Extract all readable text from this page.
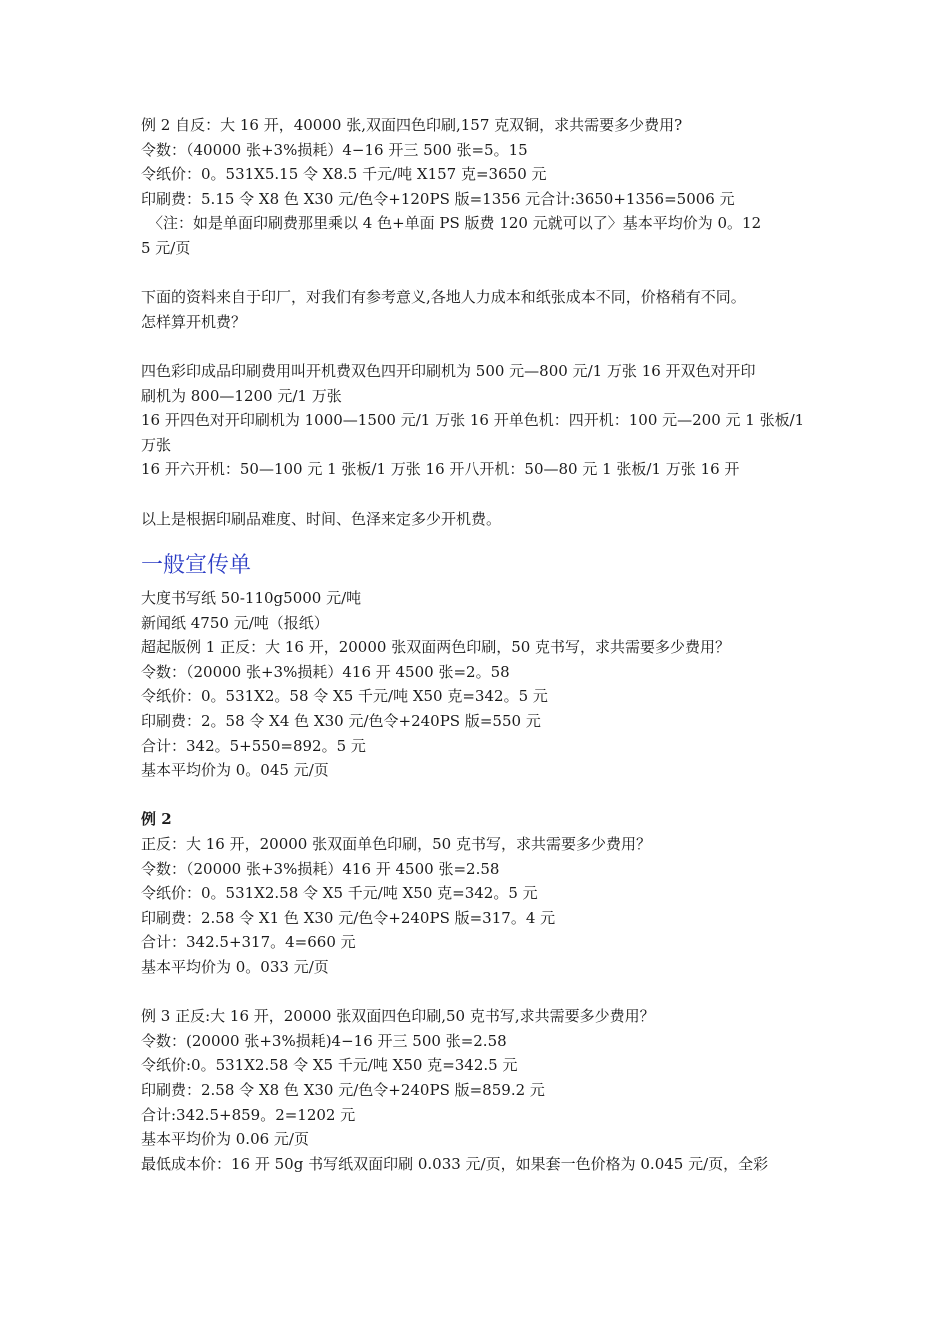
例 2 自反：大 16 开，40000 张,双面四色印刷,157 克双铜，求共需要多少费用?
令数：（40000 张+3%损耗）4−16 开三 500 张=5。15
令纸价：0。531X5.15 令 X8.5 千元/吨 X157 克=3650 元
印刷费：5.15 令 X8 色 X30 元/色令+120PS 版=1356 元合计:3650+1356=5006 元
〈注：如是单面印刷费那里乘以 4 色+单面 PS 版费 120 元就可以了〉基本平均价为 0。12
5 元/页
下面的资料来自于印厂，对我们有参考意义,各地人力成本和纸张成本不同，价格稍有不同。
怎样算开机费？
四色彩印成品印刷费用叫开机费双色四开印刷机为 500 元—800 元/1 万张 16 开双色对开印
刷机为 800—1200 元/1 万张
16 开四色对开印刷机为 1000—1500 元/1 万张 16 开单色机：四开机：100 元—200 元 1 张板/1
万张
16 开六开机：50—100 元 1 张板/1 万张 16 开八开机：50—80 元 1 张板/1 万张 16 开
以上是根据印刷品难度、时间、色泽来定多少开机费。
一般宣传单
大度书写纸 50-110g5000 元/吨
新闻纸 4750 元/吨（报纸）
超起版例 1 正反：大 16 开，20000 张双面两色印刷，50 克书写，求共需要多少费用？
令数：（20000 张+3%损耗）416 开 4500 张=2。58
令纸价：0。531X2。58 令 X5 千元/吨 X50 克=342。5 元
印刷费：2。58 令 X4 色 X30 元/色令+240PS 版=550 元
合计：342。5+550=892。5 元
基本平均价为 0。045 元/页
例 2
正反：大 16 开，20000 张双面单色印刷，50 克书写，求共需要多少费用？
令数：（20000 张+3%损耗）416 开 4500 张=2.58
令纸价：0。531X2.58 令 X5 千元/吨 X50 克=342。5 元
印刷费：2.58 令 X1 色 X30 元/色令+240PS 版=317。4 元
合计：342.5+317。4=660 元
基本平均价为 0。033 元/页
例 3 正反:大 16 开，20000 张双面四色印刷,50 克书写,求共需要多少费用？
令数：(20000 张+3%损耗)4−16 开三 500 张=2.58
令纸价:0。531X2.58 令 X5 千元/吨 X50 克=342.5 元
印刷费：2.58 令 X8 色 X30 元/色令+240PS 版=859.2 元
合计:342.5+859。2=1202 元
基本平均价为 0.06 元/页
最低成本价：16 开 50g 书写纸双面印刷 0.033 元/页，如果套一色价格为 0.045 元/页，全彩
